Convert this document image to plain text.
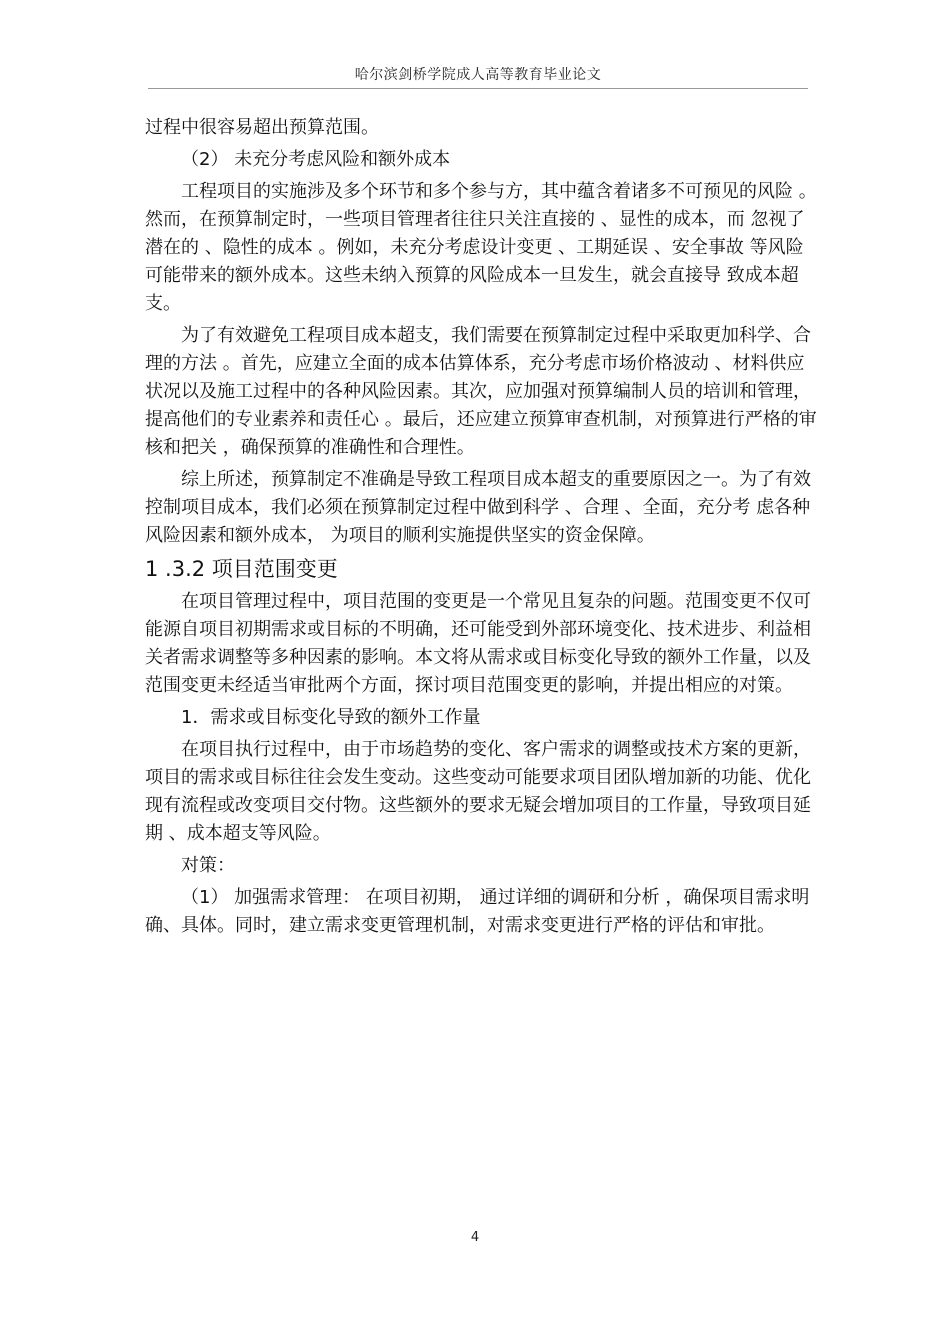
哈尔滨剑桥学院成人高等教育毕业论文

过程中很容易超出预算范围。

（2） 未充分考虑风险和额外成本

工程项目的实施涉及多个环节和多个参与方，其中蕴含着诸多不可预见的风险 。然而，在预算制定时，一些项目管理者往往只关注直接的 、显性的成本，而 忽视了潜在的 、隐性的成本 。例如，未充分考虑设计变更 、工期延误 、安全事故 等风险可能带来的额外成本。这些未纳入预算的风险成本一旦发生，就会直接导 致成本超支。

为了有效避免工程项目成本超支，我们需要在预算制定过程中采取更加科学、合理的方法 。首先，应建立全面的成本估算体系，充分考虑市场价格波动 、材料供应状况以及施工过程中的各种风险因素。其次，应加强对预算编制人员的培训和管理，提高他们的专业素养和责任心 。最后，还应建立预算审查机制，对预算进行严格的审核和把关 ，确保预算的准确性和合理性。

综上所述，预算制定不准确是导致工程项目成本超支的重要原因之一。为了有效控制项目成本，我们必须在预算制定过程中做到科学 、合理 、全面，充分考 虑各种风险因素和额外成本， 为项目的顺利实施提供坚实的资金保障。

1 .3.2 项目范围变更

在项目管理过程中，项目范围的变更是一个常见且复杂的问题。范围变更不仅可能源自项目初期需求或目标的不明确，还可能受到外部环境变化、技术进步、利益相关者需求调整等多种因素的影响。本文将从需求或目标变化导致的额外工作量，以及范围变更未经适当审批两个方面，探讨项目范围变更的影响，并提出相应的对策。

1．需求或目标变化导致的额外工作量

在项目执行过程中，由于市场趋势的变化、客户需求的调整或技术方案的更新，项目的需求或目标往往会发生变动。这些变动可能要求项目团队增加新的功能、优化现有流程或改变项目交付物。这些额外的要求无疑会增加项目的工作量，导致项目延期 、成本超支等风险。

对策：

（1） 加强需求管理： 在项目初期， 通过详细的调研和分析 ，确保项目需求明确、具体。同时，建立需求变更管理机制，对需求变更进行严格的评估和审批。

4
